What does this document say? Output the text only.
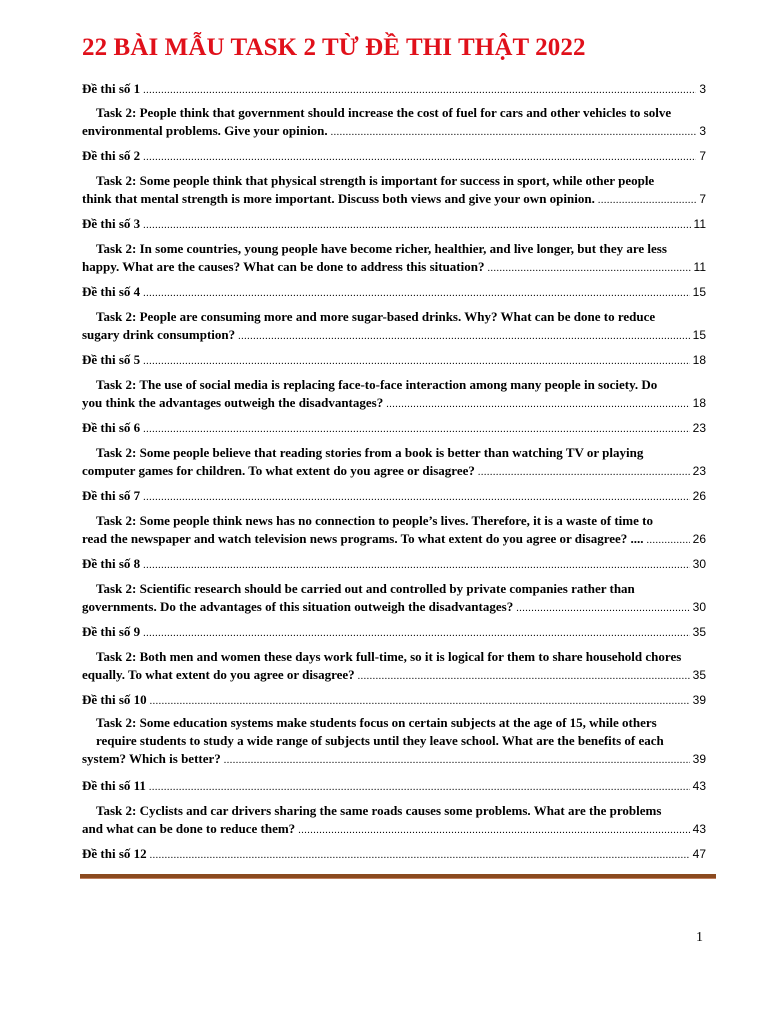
22 BÀI MẪU TASK 2 TỪ ĐỀ THI THẬT 2022
Đề thi số 1 .....	3
Task 2: People think that government should increase the cost of fuel for cars and other vehicles to solve
environmental problems. Give your opinion. .....	3
Đề thi số 2 .....	7
Task 2: Some people think that physical strength is important for success in sport, while other people
think that mental strength is more important. Discuss both views and give your own opinion. .....	7
Đề thi số 3 .....	11
Task 2: In some countries, young people have become richer, healthier, and live longer, but they are less
happy. What are the causes? What can be done to address this situation? .....	11
Đề thi số 4 .....	15
Task 2: People are consuming more and more sugar-based drinks. Why? What can be done to reduce
sugary drink consumption? .....	15
Đề thi số 5 .....	18
Task 2: The use of social media is replacing face-to-face interaction among many people in society. Do
you think the advantages outweigh the disadvantages? .....	18
Đề thi số 6 .....	23
Task 2: Some people believe that reading stories from a book is better than watching TV or playing
computer games for children. To what extent do you agree or disagree? .....	23
Đề thi số 7 .....	26
Task 2: Some people think news has no connection to people’s lives. Therefore, it is a waste of time to
read the newspaper and watch television news programs. To what extent do you agree or disagree? .... .....	26
Đề thi số 8 .....	30
Task 2: Scientific research should be carried out and controlled by private companies rather than
governments. Do the advantages of this situation outweigh the disadvantages? .....	30
Đề thi số 9 .....	35
Task 2: Both men and women these days work full-time, so it is logical for them to share household chores
equally. To what extent do you agree or disagree? .....	35
Đề thi số 10 .....	39
Task 2: Some education systems make students focus on certain subjects at the age of 15, while others
require students to study a wide range of subjects until they leave school. What are the benefits of each
system? Which is better? .....	39
Đề thi số 11 .....	43
Task 2: Cyclists and car drivers sharing the same roads causes some problems. What are the problems
and what can be done to reduce them? .....	43
Đề thi số 12 .....	47
1
